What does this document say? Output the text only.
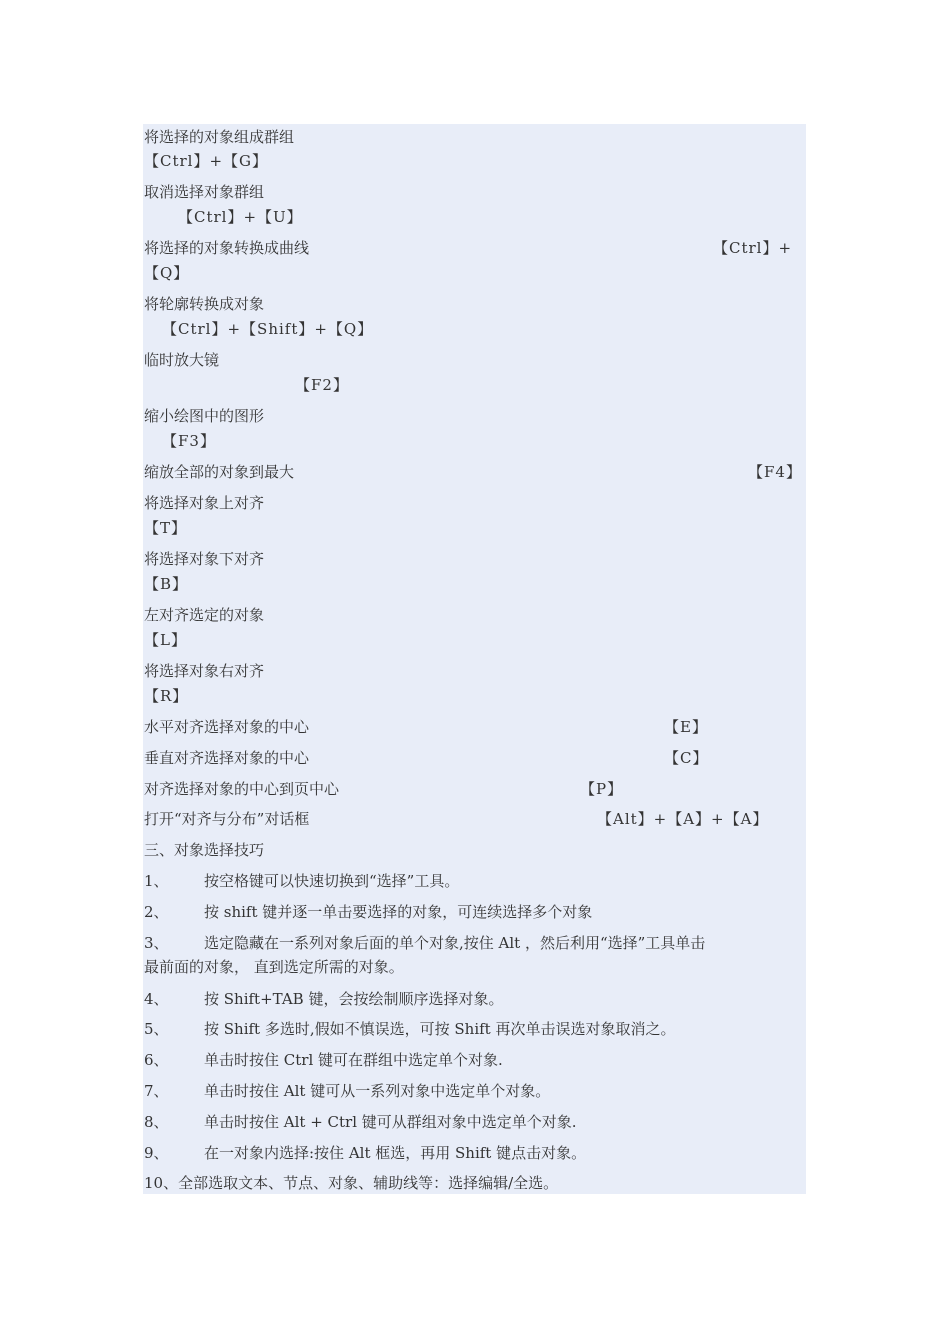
将选择的对象组成群组
【Ctrl】+【G】
取消选择对象群组
【Ctrl】+【U】
将选择的对象转换成曲线	【Ctrl】+
【Q】
将轮廓转换成对象
【Ctrl】+【Shift】+【Q】
临时放大镜
【F2】
缩小绘图中的图形
【F3】
缩放全部的对象到最大	【F4】
将选择对象上对齐
【T】
将选择对象下对齐
【B】
左对齐选定的对象
【L】
将选择对象右对齐
【R】
水平对齐选择对象的中心	【E】
垂直对齐选择对象的中心	【C】
对齐选择对象的中心到页中心	【P】
打开“对齐与分布”对话框	【Alt】+【A】+【A】
三、对象选择技巧
1、 按空格键可以快速切换到“选择”工具。
2、 按 shift 键并逐一单击要选择的对象，可连续选择多个对象
3、 选定隐藏在一系列对象后面的单个对象,按住 Alt ，然后利用“选择”工具单击
最前面的对象， 直到选定所需的对象。
4、 按 Shift+TAB 键，会按绘制顺序选择对象。
5、 按 Shift 多选时,假如不慎误选，可按 Shift 再次单击误选对象取消之。
6、 单击时按住 Ctrl 键可在群组中选定单个对象.
7、 单击时按住 Alt 键可从一系列对象中选定单个对象。
8、 单击时按住 Alt + Ctrl 键可从群组对象中选定单个对象.
9、 在一对象内选择:按住 Alt 框选，再用 Shift 键点击对象。
10、全部选取文本、节点、对象、辅助线等：选择编辑/全选。
